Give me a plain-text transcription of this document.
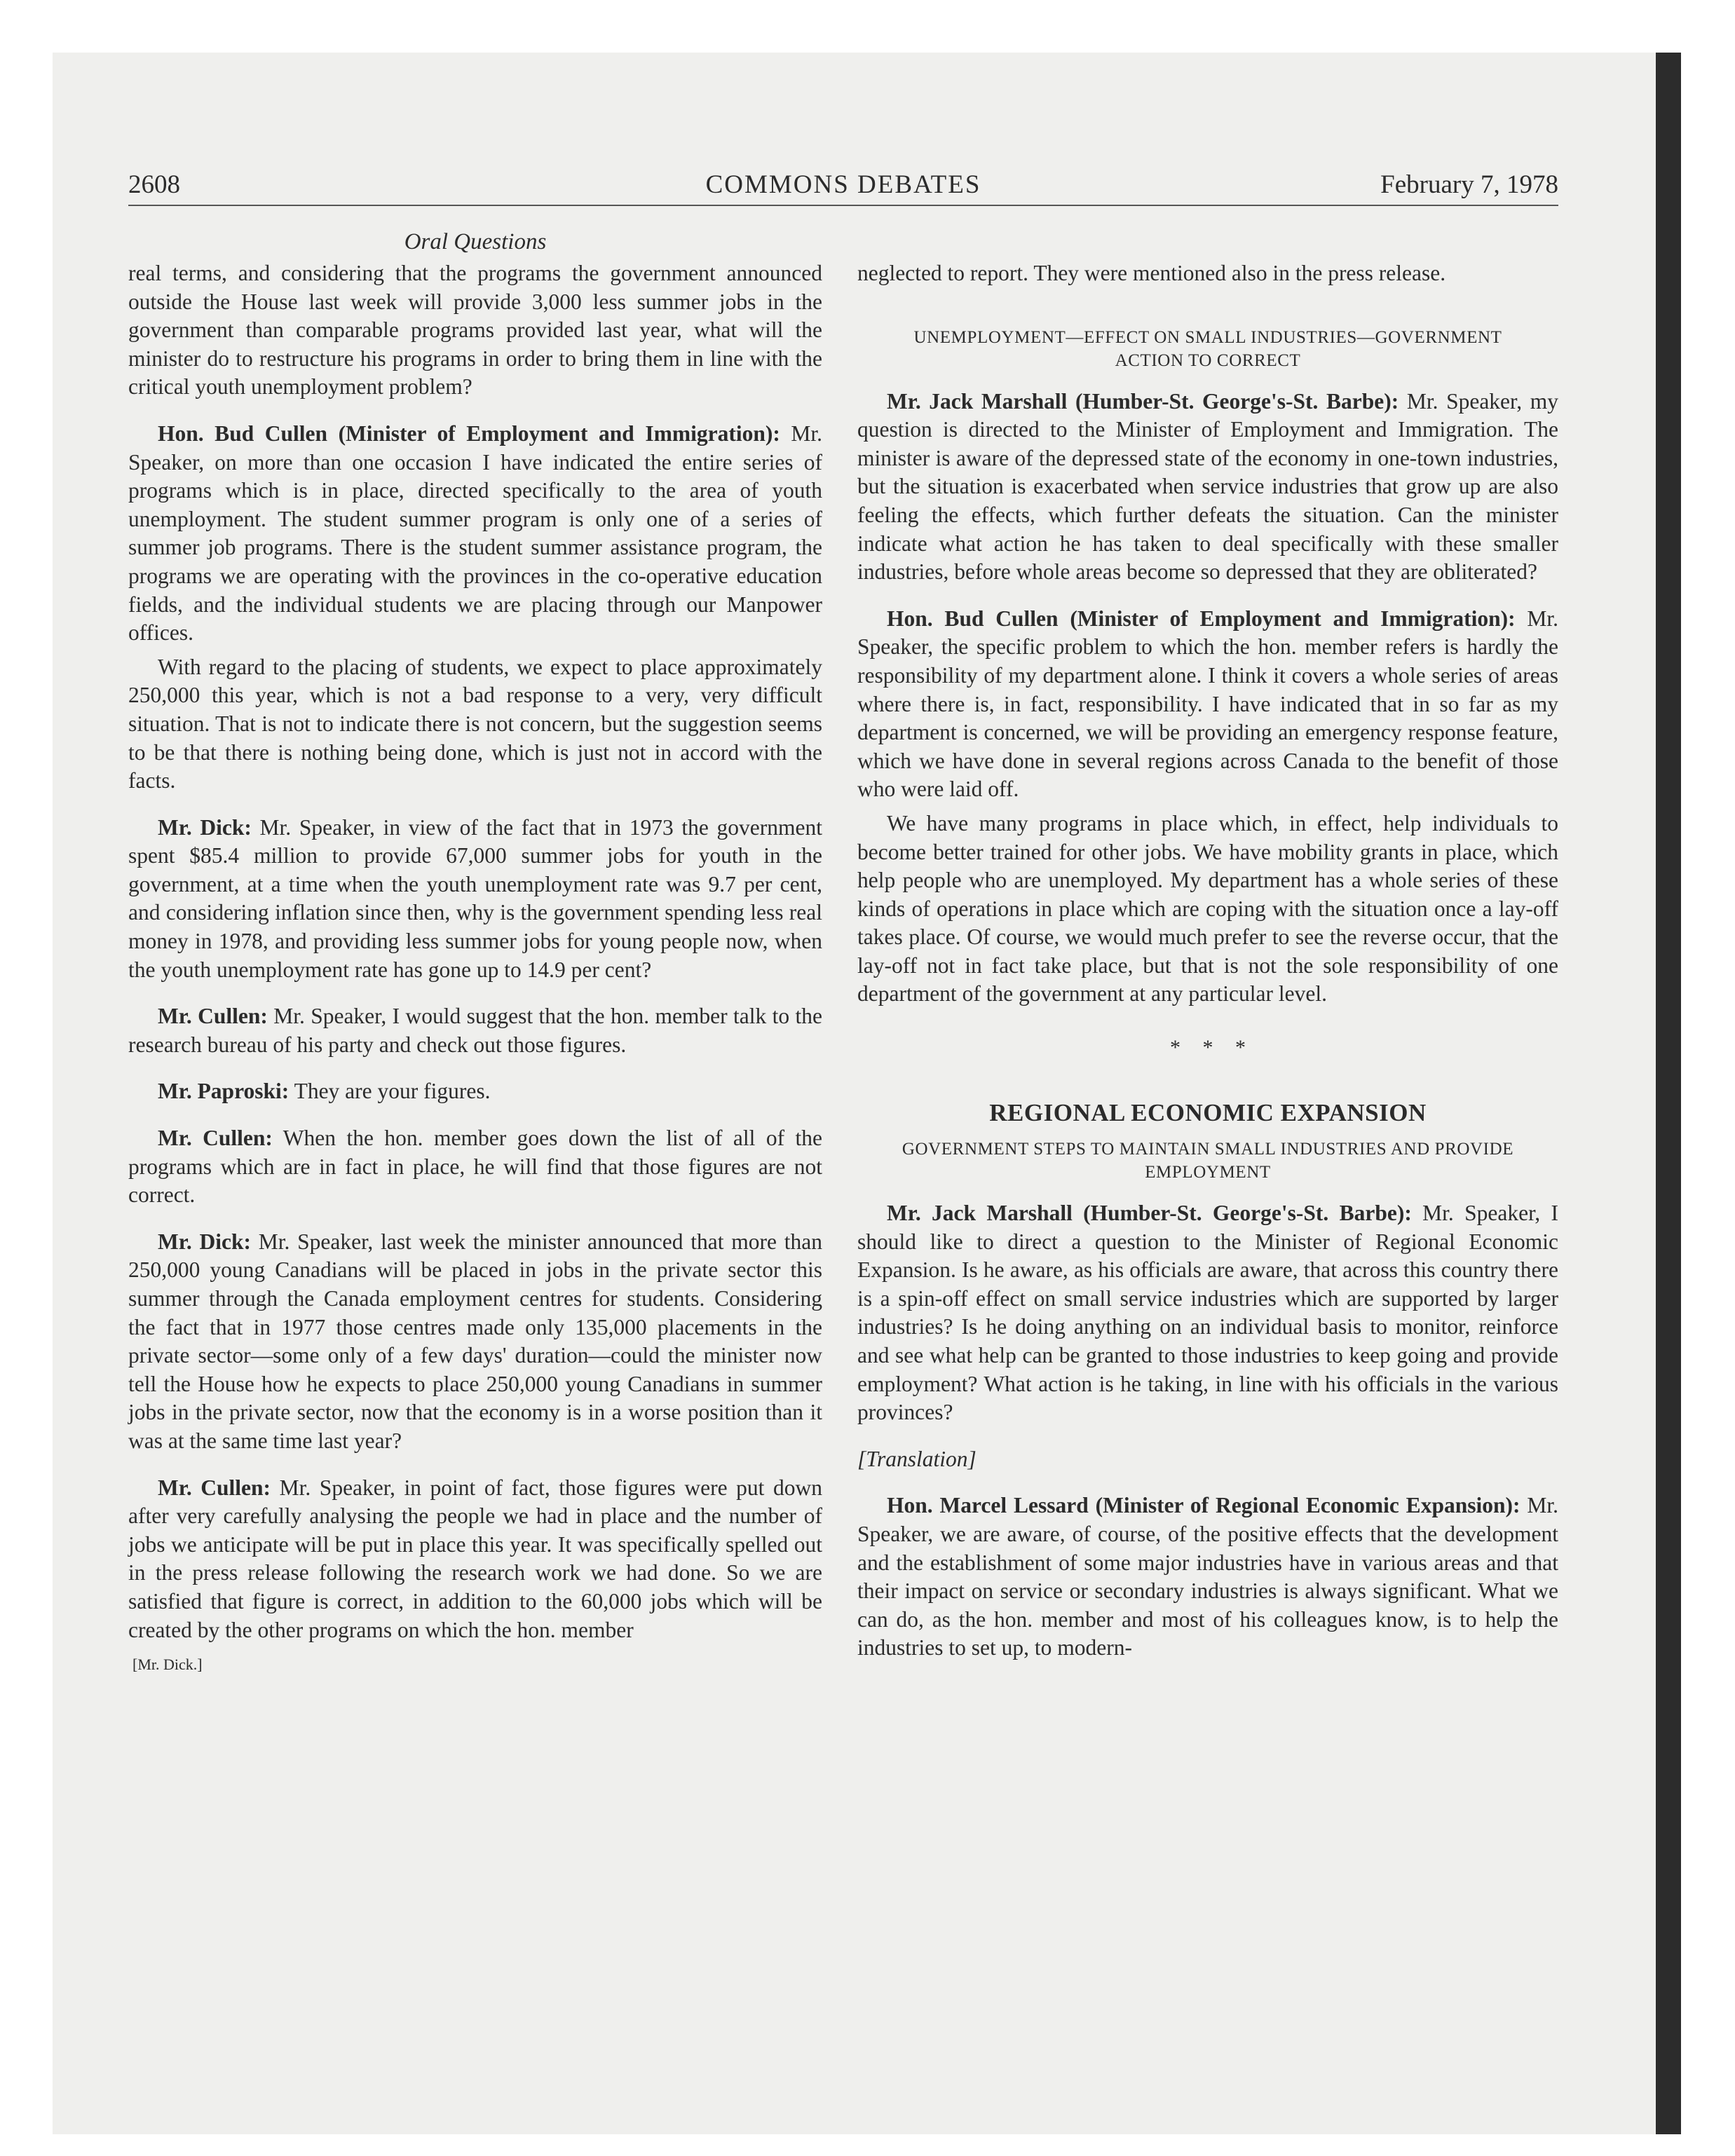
2608	COMMONS DEBATES	February 7, 1978
Oral Questions

real terms, and considering that the programs the government announced outside the House last week will provide 3,000 less summer jobs in the government than comparable programs provided last year, what will the minister do to restructure his programs in order to bring them in line with the critical youth unemployment problem?

Hon. Bud Cullen (Minister of Employment and Immigration): Mr. Speaker, on more than one occasion I have indicated the entire series of programs which is in place, directed specifically to the area of youth unemployment. The student summer program is only one of a series of summer job programs. There is the student summer assistance program, the programs we are operating with the provinces in the co-operative education fields, and the individual students we are placing through our Manpower offices.

With regard to the placing of students, we expect to place approximately 250,000 this year, which is not a bad response to a very, very difficult situation. That is not to indicate there is not concern, but the suggestion seems to be that there is nothing being done, which is just not in accord with the facts.

Mr. Dick: Mr. Speaker, in view of the fact that in 1973 the government spent $85.4 million to provide 67,000 summer jobs for youth in the government, at a time when the youth unemployment rate was 9.7 per cent, and considering inflation since then, why is the government spending less real money in 1978, and providing less summer jobs for young people now, when the youth unemployment rate has gone up to 14.9 per cent?

Mr. Cullen: Mr. Speaker, I would suggest that the hon. member talk to the research bureau of his party and check out those figures.

Mr. Paproski: They are your figures.

Mr. Cullen: When the hon. member goes down the list of all of the programs which are in fact in place, he will find that those figures are not correct.

Mr. Dick: Mr. Speaker, last week the minister announced that more than 250,000 young Canadians will be placed in jobs in the private sector this summer through the Canada employment centres for students. Considering the fact that in 1977 those centres made only 135,000 placements in the private sector—some only of a few days' duration—could the minister now tell the House how he expects to place 250,000 young Canadians in summer jobs in the private sector, now that the economy is in a worse position than it was at the same time last year?

Mr. Cullen: Mr. Speaker, in point of fact, those figures were put down after very carefully analysing the people we had in place and the number of jobs we anticipate will be put in place this year. It was specifically spelled out in the press release following the research work we had done. So we are satisfied that figure is correct, in addition to the 60,000 jobs which will be created by the other programs on which the hon. member

[Mr. Dick.]

neglected to report. They were mentioned also in the press release.

UNEMPLOYMENT—EFFECT ON SMALL INDUSTRIES—GOVERNMENT ACTION TO CORRECT

Mr. Jack Marshall (Humber-St. George's-St. Barbe): Mr. Speaker, my question is directed to the Minister of Employment and Immigration. The minister is aware of the depressed state of the economy in one-town industries, but the situation is exacerbated when service industries that grow up are also feeling the effects, which further defeats the situation. Can the minister indicate what action he has taken to deal specifically with these smaller industries, before whole areas become so depressed that they are obliterated?

Hon. Bud Cullen (Minister of Employment and Immigration): Mr. Speaker, the specific problem to which the hon. member refers is hardly the responsibility of my department alone. I think it covers a whole series of areas where there is, in fact, responsibility. I have indicated that in so far as my department is concerned, we will be providing an emergency response feature, which we have done in several regions across Canada to the benefit of those who were laid off.

We have many programs in place which, in effect, help individuals to become better trained for other jobs. We have mobility grants in place, which help people who are unemployed. My department has a whole series of these kinds of operations in place which are coping with the situation once a lay-off takes place. Of course, we would much prefer to see the reverse occur, that the lay-off not in fact take place, but that is not the sole responsibility of one department of the government at any particular level.

* * *
REGIONAL ECONOMIC EXPANSION
GOVERNMENT STEPS TO MAINTAIN SMALL INDUSTRIES AND PROVIDE EMPLOYMENT

Mr. Jack Marshall (Humber-St. George's-St. Barbe): Mr. Speaker, I should like to direct a question to the Minister of Regional Economic Expansion. Is he aware, as his officials are aware, that across this country there is a spin-off effect on small service industries which are supported by larger industries? Is he doing anything on an individual basis to monitor, reinforce and see what help can be granted to those industries to keep going and provide employment? What action is he taking, in line with his officials in the various provinces?

[Translation]

Hon. Marcel Lessard (Minister of Regional Economic Expansion): Mr. Speaker, we are aware, of course, of the positive effects that the development and the establishment of some major industries have in various areas and that their impact on service or secondary industries is always significant. What we can do, as the hon. member and most of his colleagues know, is to help the industries to set up, to modern-
